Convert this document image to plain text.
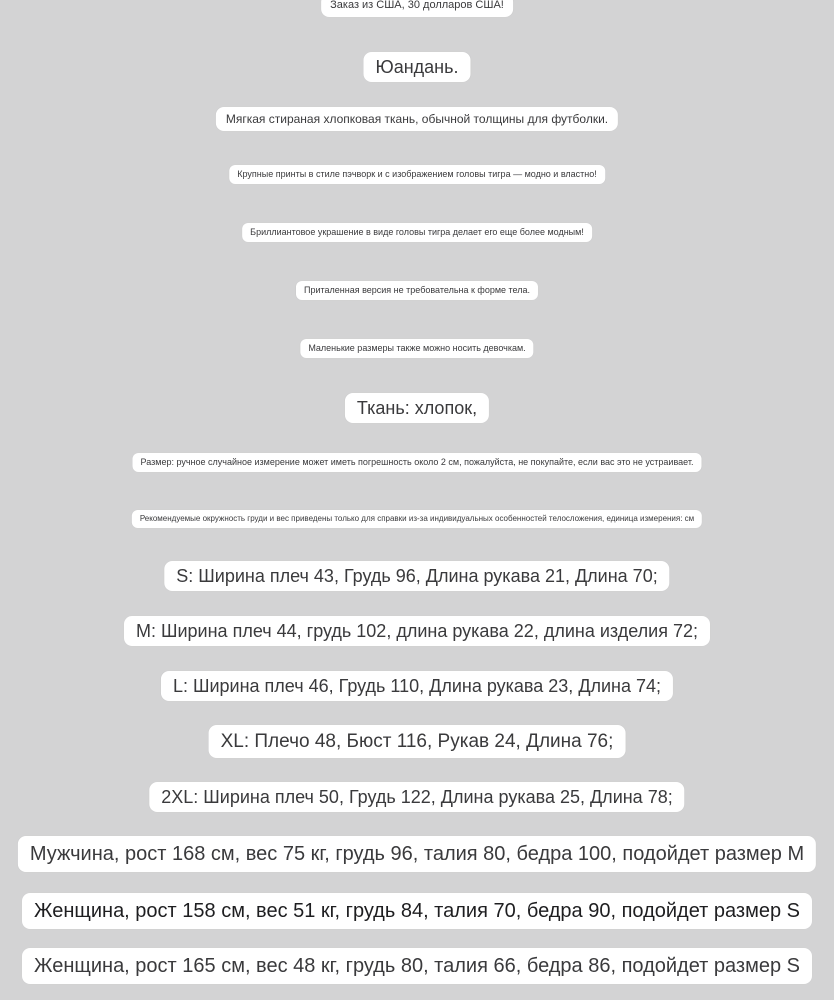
Заказ из США, 30 долларов США!
Юандань.
Мягкая стираная хлопковая ткань, обычной толщины для футболки.
Крупные принты в стиле пэчворк и с изображением головы тигра — модно и властно!
Бриллиантовое украшение в виде головы тигра делает его еще более модным!
Приталенная версия не требовательна к форме тела.
Маленькие размеры также можно носить девочкам.
Ткань: хлопок,
Размер: ручное случайное измерение может иметь погрешность около 2 см, пожалуйста, не покупайте, если вас это не устраивает.
Рекомендуемые окружность груди и вес приведены только для справки из-за индивидуальных особенностей телосложения, единица измерения: см
S: Ширина плеч 43, Грудь 96, Длина рукава 21, Длина 70;
M: Ширина плеч 44, грудь 102, длина рукава 22, длина изделия 72;
L: Ширина плеч 46, Грудь 110, Длина рукава 23, Длина 74;
XL: Плечо 48, Бюст 116, Рукав 24, Длина 76;
2XL: Ширина плеч 50, Грудь 122, Длина рукава 25, Длина 78;
Мужчина, рост 168 см, вес 75 кг, грудь 96, талия 80, бедра 100, подойдет размер M
Женщина, рост 158 см, вес 51 кг, грудь 84, талия 70, бедра 90, подойдет размер S
Женщина, рост 165 см, вес 48 кг, грудь 80, талия 66, бедра 86, подойдет размер S
